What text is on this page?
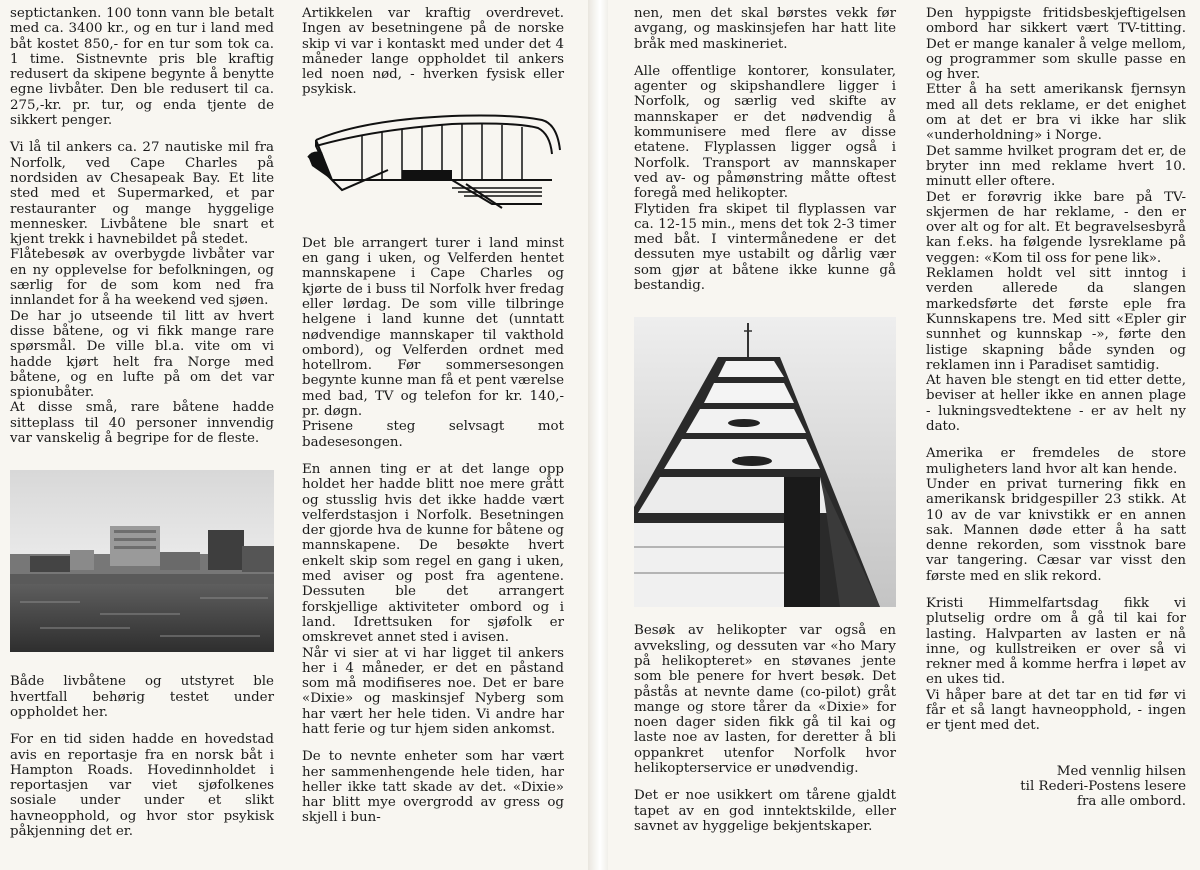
septictanken. 100 tonn vann ble betalt med ca. 3400 kr., og en tur i land med båt kostet 850,- for en tur som tok ca. 1 time. Sistnevnte pris ble kraftig redusert da skipene begynte å benytte egne livbåter. Den ble redusert til ca. 275,-kr. pr. tur, og enda tjente de sikkert penger.

Vi lå til ankers ca. 27 nautiske mil fra Norfolk, ved Cape Charles på nordsiden av Chesapeak Bay. Et lite sted med et Supermarked, et par restauranter og mange hyggelige mennesker. Livbåtene ble snart et kjent trekk i havnebildet på stedet.

Flåtebesøk av overbygde livbåter var en ny opplevelse for befolkningen, og særlig for de som kom ned fra innlandet for å ha weekend ved sjøen.

De har jo utseende til litt av hvert disse båtene, og vi fikk mange rare spørsmål. De ville bl.a. vite om vi hadde kjørt helt fra Norge med båtene, og en lufte på om det var spionubåter.

At disse små, rare båtene hadde sitteplass til 40 personer innvendig var vanskelig å begripe for de fleste.

Både livbåtene og utstyret ble hvertfall behørig testet under oppholdet her.

For en tid siden hadde en hovedstad avis en reportasje fra en norsk båt i Hampton Roads. Hovedinnholdet i reportasjen var viet sjøfolkenes sosiale under under et slikt havneopphold, og hvor stor psykisk påkjenning det er.

Artikkelen var kraftig overdrevet. Ingen av besetningene på de norske skip vi var i kontaskt med under det 4 måneder lange oppholdet til ankers led noen nød, - hverken fysisk eller psykisk.

Det ble arrangert turer i land minst en gang i uken, og Velferden hentet mannskapene i Cape Charles og kjørte de i buss til Norfolk hver fredag eller lørdag. De som ville tilbringe helgene i land kunne det (unntatt nødvendige mannskaper til vakthold ombord), og Velferden ordnet med hotellrom. Før sommersesongen begynte kunne man få et pent værelse med bad, TV og telefon for kr. 140,- pr. døgn.

Prisene steg selvsagt mot badesesongen.

En annen ting er at det lange opp holdet her hadde blitt noe mere grått og stusslig hvis det ikke hadde vært velferdstasjon i Norfolk. Besetningen der gjorde hva de kunne for båtene og mannskapene. De besøkte hvert enkelt skip som regel en gang i uken, med aviser og post fra agentene. Dessuten ble det arrangert forskjellige aktiviteter ombord og i land. Idrettsuken for sjøfolk er omskrevet annet sted i avisen.

Når vi sier at vi har ligget til ankers her i 4 måneder, er det en påstand som må modifiseres noe. Det er bare «Dixie» og maskinsjef Nyberg som har vært her hele tiden. Vi andre har hatt ferie og tur hjem siden ankomst.

De to nevnte enheter som har vært her sammenhengende hele tiden, har heller ikke tatt skade av det. «Dixie» har blitt mye overgrodd av gress og skjell i bun-

nen, men det skal børstes vekk før avgang, og maskinsjefen har hatt lite bråk med maskineriet.

Alle offentlige kontorer, konsulater, agenter og skipshandlere ligger i Norfolk, og særlig ved skifte av mannskaper er det nødvendig å kommunisere med flere av disse etatene. Flyplassen ligger også i Norfolk. Transport av mannskaper ved av- og påmønstring måtte oftest foregå med helikopter.

Flytiden fra skipet til flyplassen var ca. 12-15 min., mens det tok 2-3 timer med båt. I vintermånedene er det dessuten mye ustabilt og dårlig vær som gjør at båtene ikke kunne gå bestandig.

Besøk av helikopter var også en avveksling, og dessuten var «ho Mary på helikopteret» en støvanes jente som ble penere for hvert besøk. Det påstås at nevnte dame (co-pilot) gråt mange og store tårer da «Dixie» for noen dager siden fikk gå til kai og laste noe av lasten, for deretter å bli oppankret utenfor Norfolk hvor helikopterservice er unødvendig.

Det er noe usikkert om tårene gjaldt tapet av en god inntektskilde, eller savnet av hyggelige bekjentskaper.

Den hyppigste fritidsbeskjeftigelsen ombord har sikkert vært TV-titting. Det er mange kanaler å velge mellom, og programmer som skulle passe en og hver.

Etter å ha sett amerikansk fjernsyn med all dets reklame, er det enighet om at det er bra vi ikke har slik «underholdning» i Norge.

Det samme hvilket program det er, de bryter inn med reklame hvert 10. minutt eller oftere.

Det er forøvrig ikke bare på TV-skjermen de har reklame, - den er over alt og for alt. Et begravelsesbyrå kan f.eks. ha følgende lysreklame på veggen: «Kom til oss for pene lik».

Reklamen holdt vel sitt inntog i verden allerede da slangen markedsførte det første eple fra Kunnskapens tre. Med sitt «Epler gir sunnhet og kunnskap -», førte den listige skapning både synden og reklamen inn i Paradiset samtidig.

At haven ble stengt en tid etter dette, beviser at heller ikke en annen plage - lukningsvedtektene - er av helt ny dato.

Amerika er fremdeles de store muligheters land hvor alt kan hende.

Under en privat turnering fikk en amerikansk bridgespiller 23 stikk. At 10 av de var knivstikk er en annen sak. Mannen døde etter å ha satt denne rekorden, som visstnok bare var tangering. Cæsar var visst den første med en slik rekord.

Kristi Himmelfartsdag fikk vi plutselig ordre om å gå til kai for lasting. Halvparten av lasten er nå inne, og kullstreiken er over så vi rekner med å komme herfra i løpet av en ukes tid.

Vi håper bare at det tar en tid før vi får et så langt havneopphold, - ingen er tjent med det.

Med vennlig hilsen
til Rederi-Postens lesere
fra alle ombord.
